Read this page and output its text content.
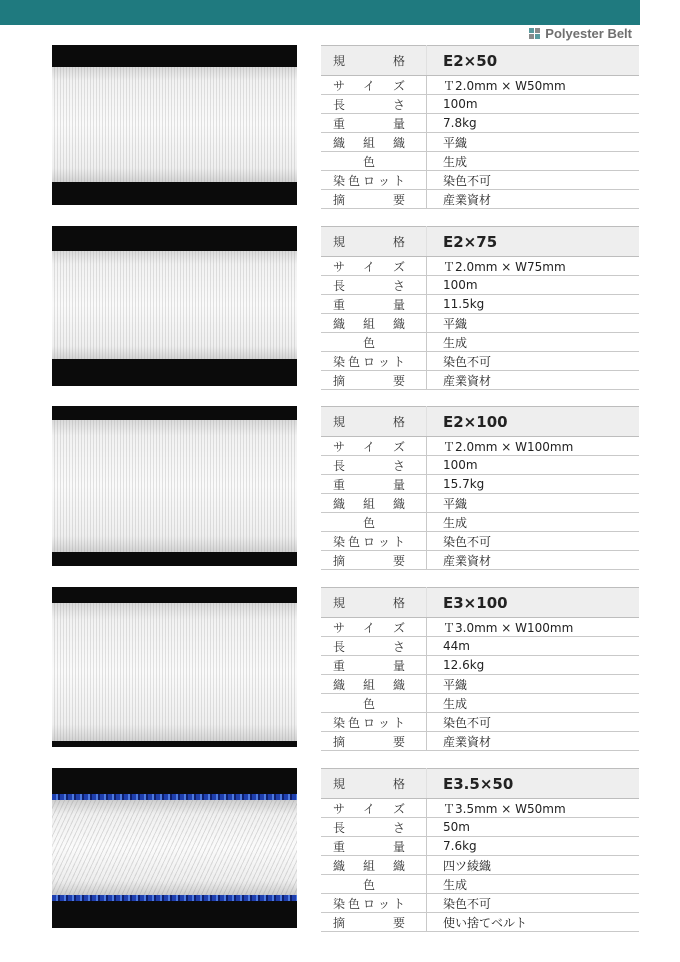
Polyester Belt
規 格	E2×50

サ イ ズ	Ｔ2.0mm × W50mm

長 さ	100m

重 量	7.8kg

織 組 織	平織

色	生成

染 色 ロ ッ ト	染色不可

摘 要	産業資材
規 格	E2×75

サ イ ズ	Ｔ2.0mm × W75mm

長 さ	100m

重 量	11.5kg

織 組 織	平織

色	生成

染 色 ロ ッ ト	染色不可

摘 要	産業資材
規 格	E2×100

サ イ ズ	Ｔ2.0mm × W100mm

長 さ	100m

重 量	15.7kg

織 組 織	平織

色	生成

染 色 ロ ッ ト	染色不可

摘 要	産業資材
規 格	E3×100

サ イ ズ	Ｔ3.0mm × W100mm

長 さ	44m

重 量	12.6kg

織 組 織	平織

色	生成

染 色 ロ ッ ト	染色不可

摘 要	産業資材
規 格	E3.5×50

サ イ ズ	Ｔ3.5mm × W50mm

長 さ	50m

重 量	7.6kg

織 組 織	四ツ綾織

色	生成

染 色 ロ ッ ト	染色不可

摘 要	使い捨てベルト
